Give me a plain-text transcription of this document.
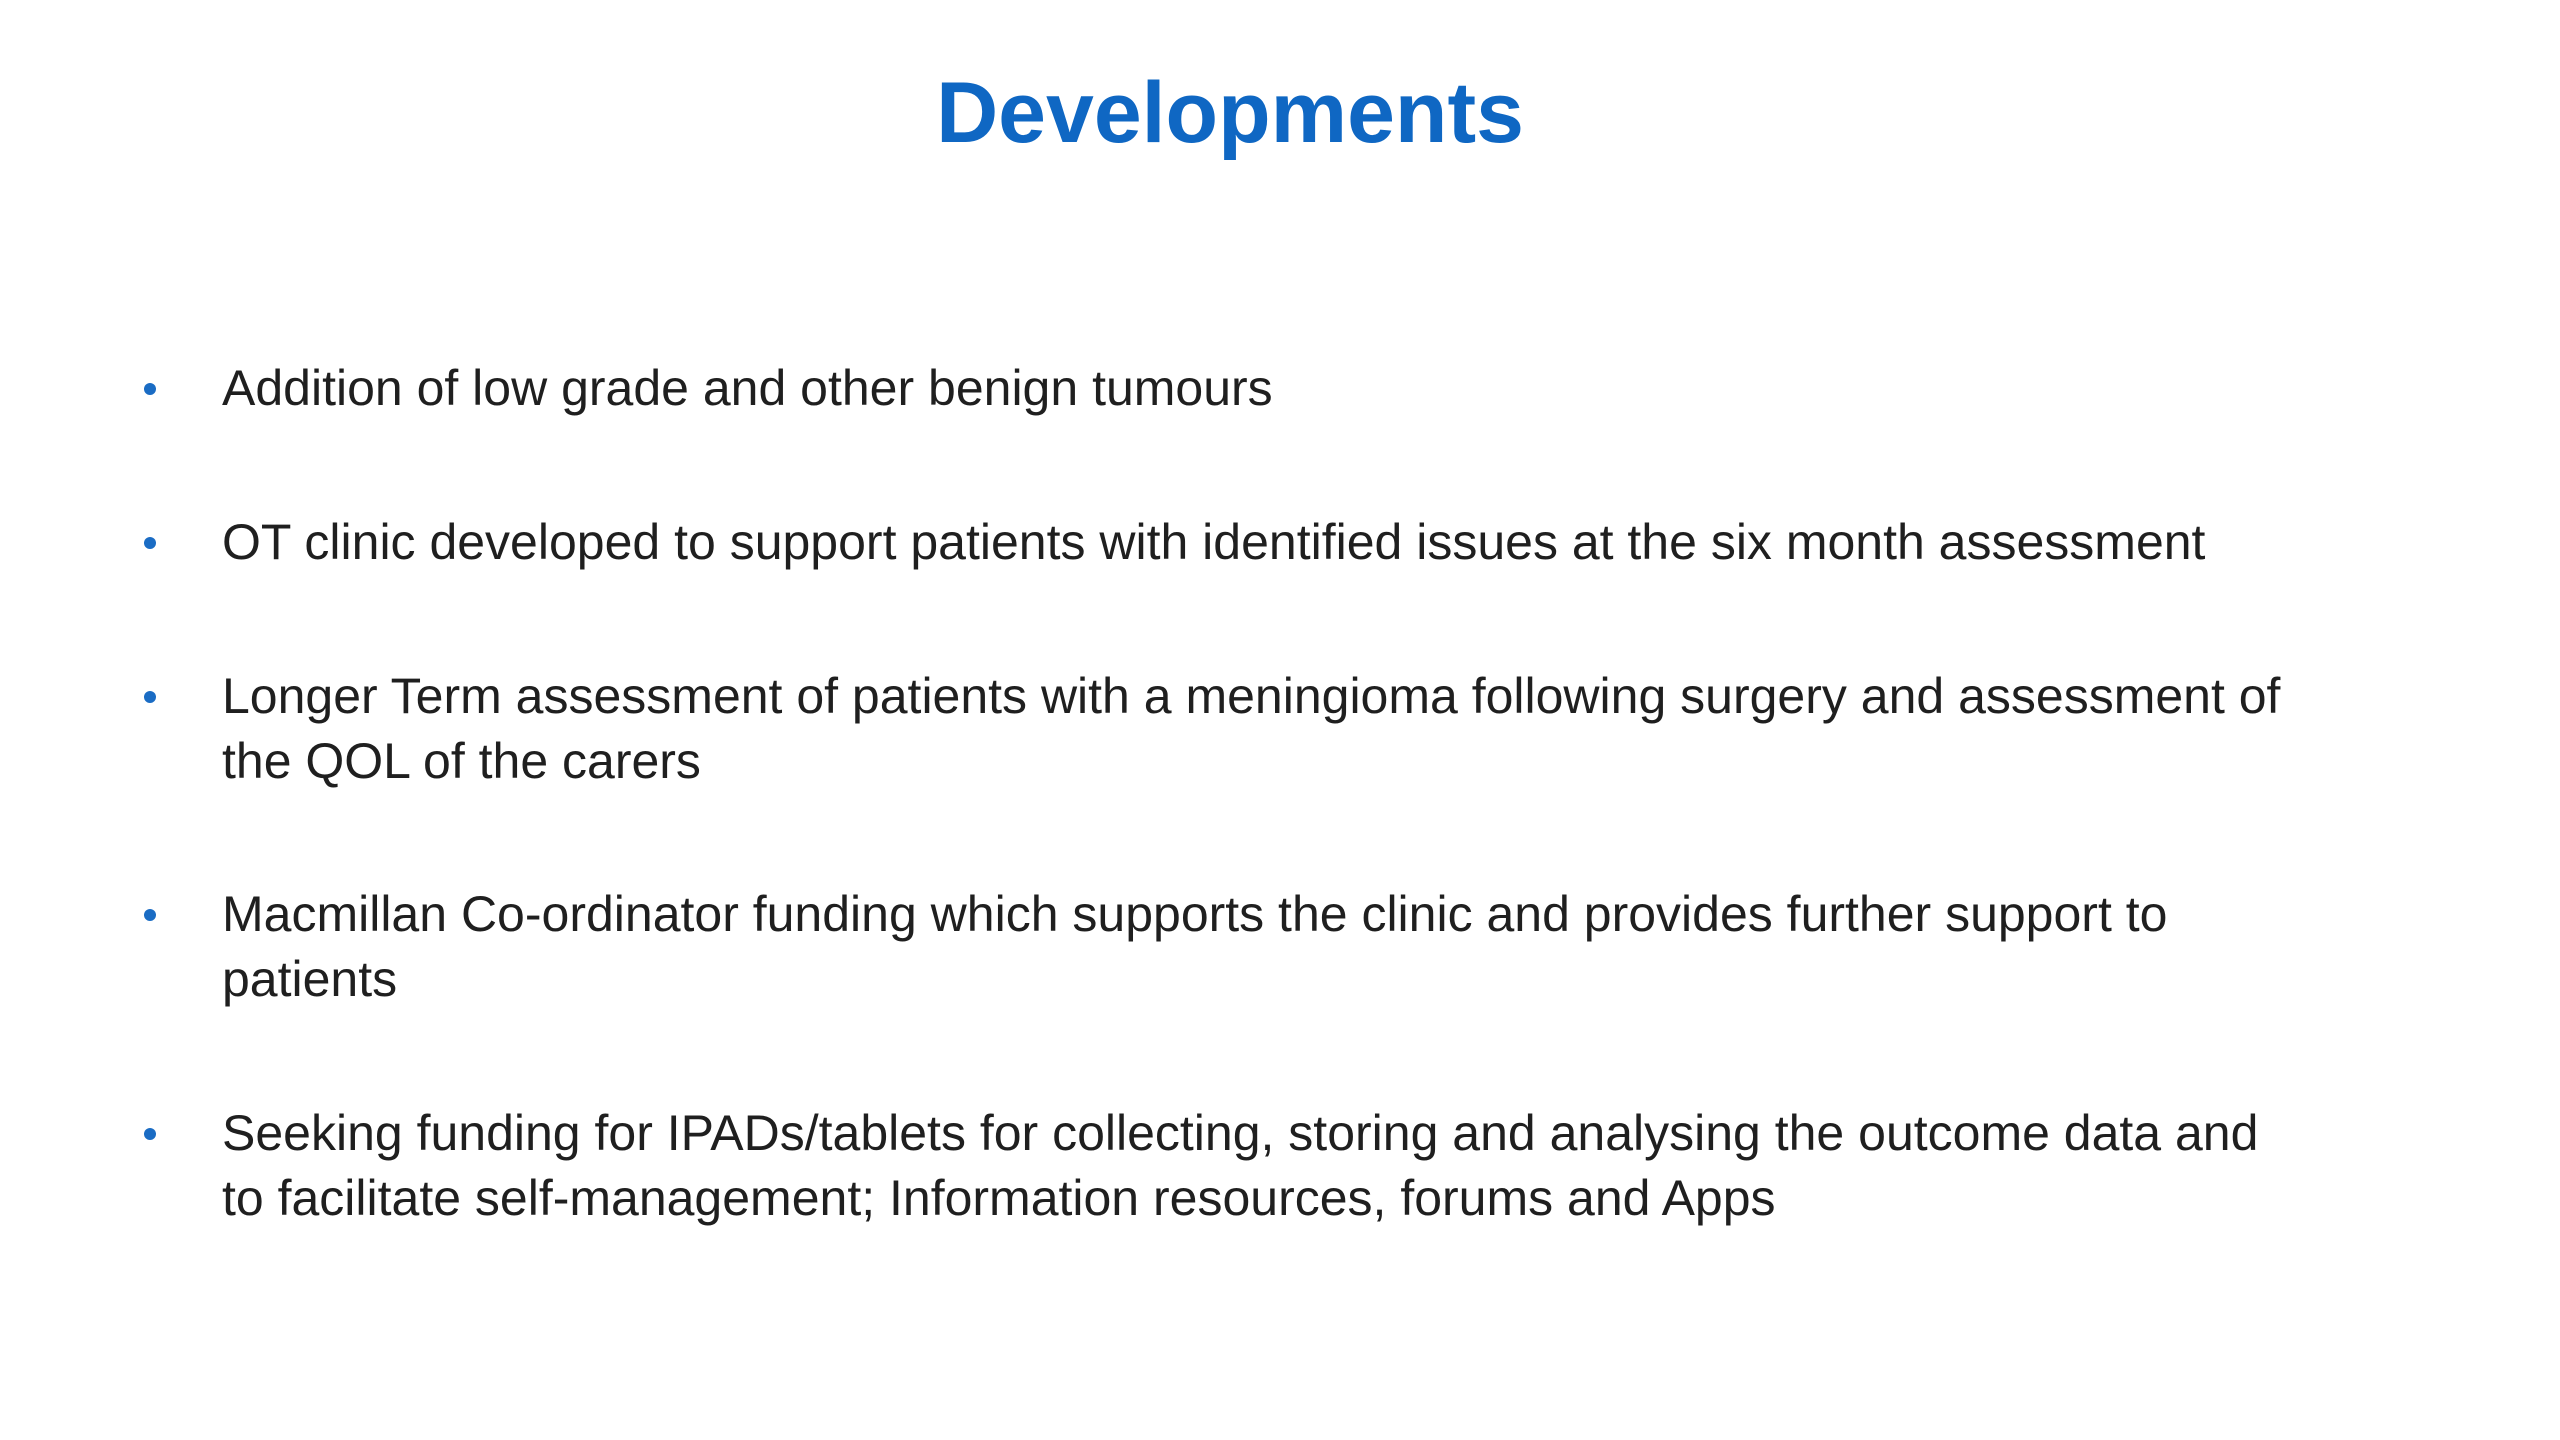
Developments
Addition of low grade and other benign tumours
OT clinic developed to support patients with identified issues at the six month assessment
Longer Term assessment of patients with a meningioma following surgery and assessment of
the QOL of the carers
Macmillan Co-ordinator funding which supports the clinic and provides further support to
patients
Seeking funding for IPADs/tablets for collecting, storing and analysing the outcome data and
to facilitate self-management; Information resources, forums and Apps
